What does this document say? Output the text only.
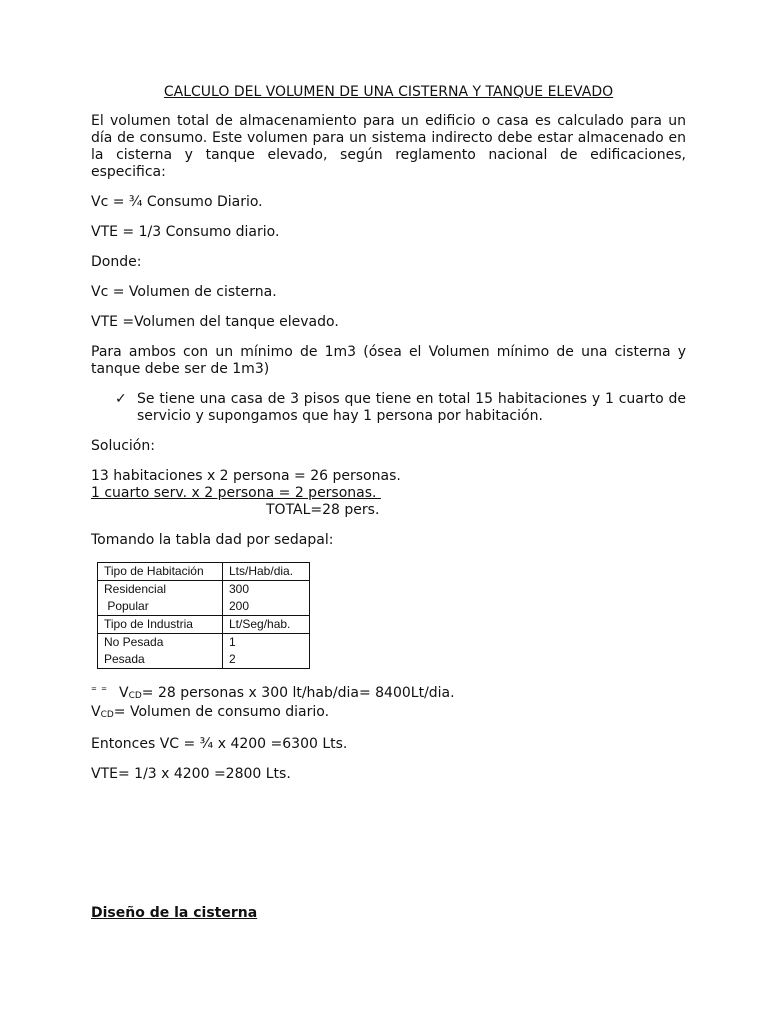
CALCULO DEL VOLUMEN DE UNA CISTERNA Y TANQUE ELEVADO

El volumen total de almacenamiento para un edificio o casa es calculado para un día de consumo. Este volumen para un sistema indirecto debe estar almacenado en la cisterna y tanque elevado, según reglamento nacional de edificaciones, especifica:

Vc = ¾ Consumo Diario.

VTE = 1/3 Consumo diario.

Donde:

Vc = Volumen de cisterna.

VTE =Volumen del tanque elevado.

Para ambos con un mínimo de 1m3 (ósea el Volumen mínimo de una cisterna y tanque debe ser de 1m3)

✓ Se tiene una casa de 3 pisos que tiene en total 15 habitaciones y 1 cuarto de servicio y supongamos que hay 1 persona por habitación.

Solución:

13 habitaciones x 2 persona = 26 personas.

1 cuarto serv. x 2 persona = 2 personas.

TOTAL=28 pers.

Tomando la tabla dad por sedapal:

Tipo de Habitación	Lts/Hab/dia.
Residencial	300
Popular	200
Tipo de Industria	Lt/Seg/hab.
No Pesada	1
Pesada	2
= = $V_{CD}= 28$ personas x 300 lt/hab/dia= 8400Lt/dia.

$V_{CD}=$ Volumen de consumo diario.

Entonces VC = ¾ x 4200 =6300 Lts.

VTE= 1/3 x 4200 =2800 Lts.

Diseño de la cisterna
